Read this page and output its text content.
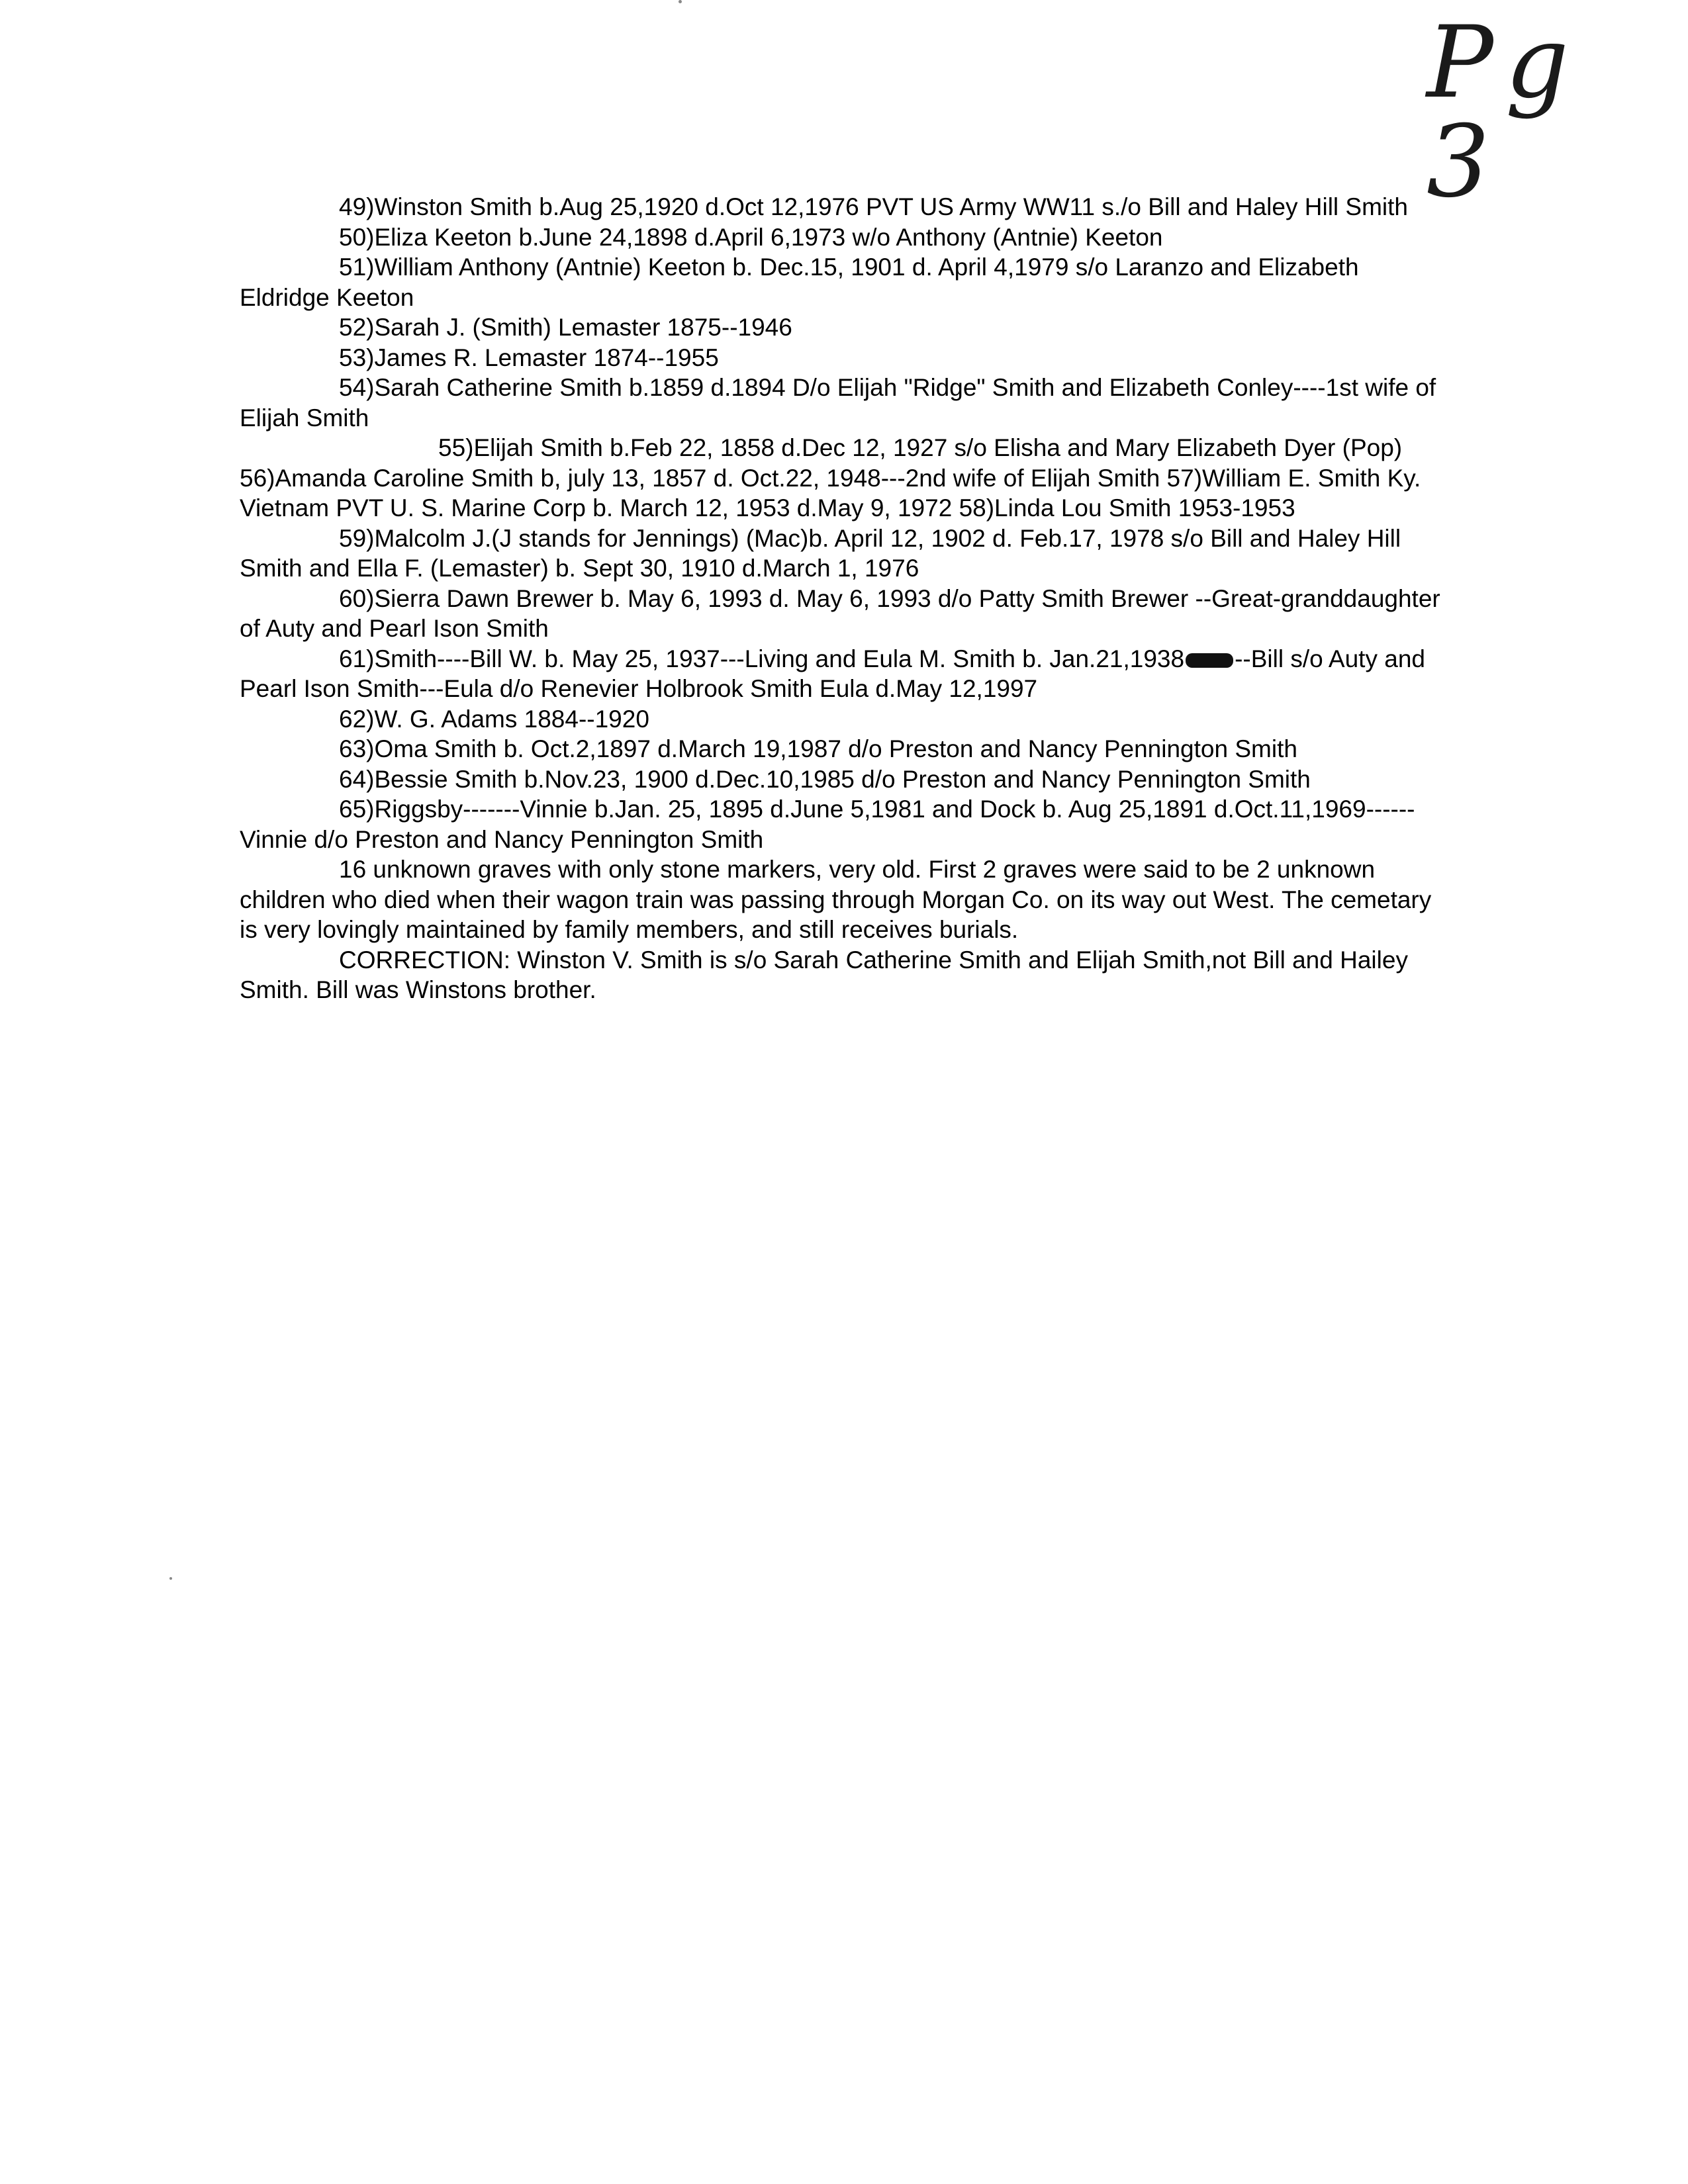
Pg 3

49)Winston Smith b.Aug 25,1920 d.Oct 12,1976 PVT US Army WW11 s./o Bill and Haley Hill Smith

50)Eliza Keeton b.June 24,1898 d.April 6,1973 w/o Anthony (Antnie) Keeton

51)William Anthony (Antnie) Keeton b. Dec.15, 1901 d. April 4,1979 s/o Laranzo and Elizabeth Eldridge Keeton

52)Sarah J. (Smith) Lemaster 1875--1946

53)James R. Lemaster 1874--1955

54)Sarah Catherine Smith b.1859 d.1894 D/o Elijah "Ridge" Smith and Elizabeth Conley----1st wife of Elijah Smith

55)Elijah Smith b.Feb 22, 1858 d.Dec 12, 1927 s/o Elisha and Mary Elizabeth Dyer (Pop) 56)Amanda Caroline Smith b, july 13, 1857 d. Oct.22, 1948---2nd wife of Elijah Smith 57)William E. Smith Ky. Vietnam PVT U. S. Marine Corp b. March 12, 1953 d.May 9, 1972 58)Linda Lou Smith 1953-1953

59)Malcolm J.(J stands for Jennings) (Mac)b. April 12, 1902 d. Feb.17, 1978 s/o Bill and Haley Hill Smith and Ella F. (Lemaster) b. Sept 30, 1910 d.March 1, 1976

60)Sierra Dawn Brewer b. May 6, 1993 d. May 6, 1993 d/o Patty Smith Brewer --Great-granddaughter of Auty and Pearl Ison Smith

61)Smith----Bill W. b. May 25, 1937---Living and Eula M. Smith b. Jan.21,1938 --Bill s/o Auty and Pearl Ison Smith---Eula d/o Renevier Holbrook Smith Eula d.May 12,1997

62)W. G. Adams 1884--1920

63)Oma Smith b. Oct.2,1897 d.March 19,1987 d/o Preston and Nancy Pennington Smith

64)Bessie Smith b.Nov.23, 1900 d.Dec.10,1985 d/o Preston and Nancy Pennington Smith

65)Riggsby-------Vinnie b.Jan. 25, 1895 d.June 5,1981 and Dock b. Aug 25,1891 d.Oct.11,1969------Vinnie d/o Preston and Nancy Pennington Smith

16 unknown graves with only stone markers, very old. First 2 graves were said to be 2 unknown children who died when their wagon train was passing through Morgan Co. on its way out West. The cemetary is very lovingly maintained by family members, and still receives burials.

CORRECTION: Winston V. Smith is s/o Sarah Catherine Smith and Elijah Smith,not Bill and Hailey Smith. Bill was Winstons brother.
